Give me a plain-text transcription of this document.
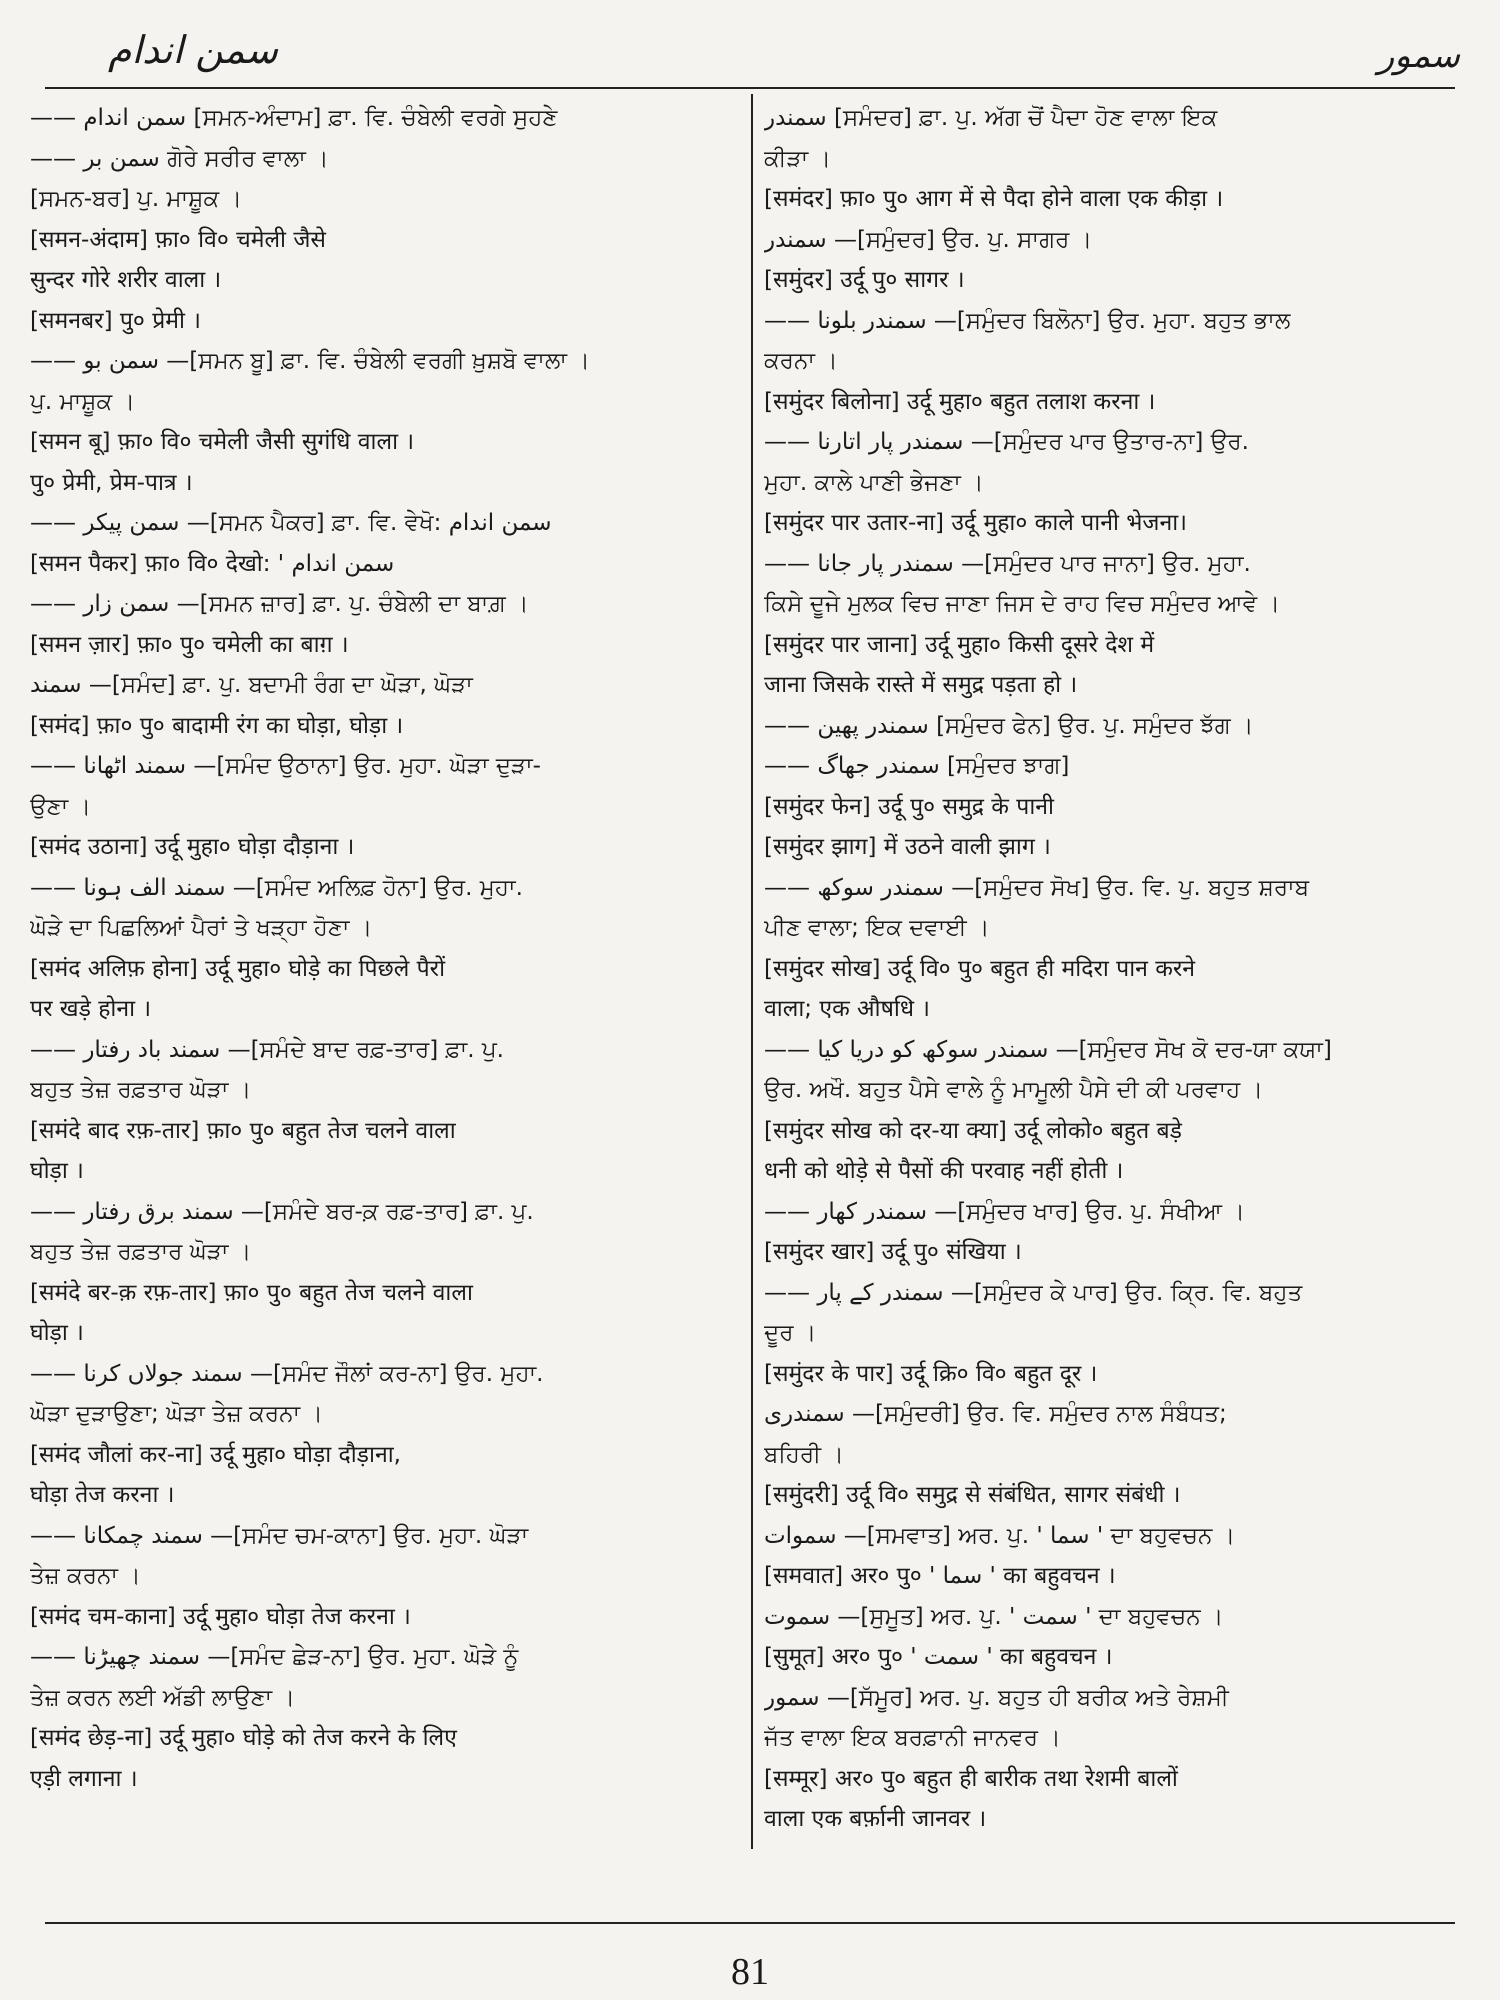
سمن اندام	سمور
—— سمن اندام [ਸਮਨ-ਅੰਦਾਮ] ਫ਼ਾ. ਵਿ. ਚੰਬੇਲੀ ਵਰਗੇ ਸੁਹਣੇ
—— سمن بر ਗੋਰੇ ਸਰੀਰ ਵਾਲਾ ।
[ਸਮਨ-ਬਰ] ਪੁ. ਮਾਸ਼ੂਕ ।
[समन-अंदाम] फ़ा० वि० चमेली जैसे
सुन्दर गोरे शरीर वाला ।
[समनबर] पु० प्रेमी ।
—— سمن بو —[ਸਮਨ ਬੂ] ਫ਼ਾ. ਵਿ. ਚੰਬੇਲੀ ਵਰਗੀ ਖ਼ੁਸ਼ਬੋ ਵਾਲਾ ।
ਪੁ. ਮਾਸ਼ੂਕ ।
[समन बू] फ़ा० वि० चमेली जैसी सुगंधि वाला ।
पु० प्रेमी, प्रेम-पात्र ।
—— سمن پیکر —[ਸਮਨ ਪੈਕਰ] ਫ਼ਾ. ਵਿ. ਵੇਖੋ: سمن اندام
[समन पैकर] फ़ा० वि० देखो: ' سمن اندام
—— سمن زار —[ਸਮਨ ਜ਼ਾਰ] ਫ਼ਾ. ਪੁ. ਚੰਬੇਲੀ ਦਾ ਬਾਗ਼ ।
[समन ज़ार] फ़ा० पु० चमेली का बाग़ ।
سمند —[ਸਮੰਦ] ਫ਼ਾ. ਪੁ. ਬਦਾਮੀ ਰੰਗ ਦਾ ਘੋੜਾ, ਘੋੜਾ
[समंद] फ़ा० पु० बादामी रंग का घोड़ा, घोड़ा ।
—— سمند اٹھانا —[ਸਮੰਦ ਉਠਾਨਾ] ਉਰ. ਮੁਹਾ. ਘੋੜਾ ਦੁੜਾ-
ਉਣਾ ।
[समंद उठाना] उर्दू मुहा० घोड़ा दौड़ाना ।
—— سمند الف ہونا —[ਸਮੰਦ ਅਲਿਫ਼ ਹੋਨਾ] ਉਰ. ਮੁਹਾ.
ਘੋੜੇ ਦਾ ਪਿਛਲਿਆਂ ਪੈਰਾਂ ਤੇ ਖੜ੍ਹਾ ਹੋਣਾ ।
[समंद अलिफ़ होना] उर्दू मुहा० घोड़े का पिछले पैरों
पर खड़े होना ।
—— سمند باد رفتار —[ਸਮੰਦੇ ਬਾਦ ਰਫ਼-ਤਾਰ] ਫ਼ਾ. ਪੁ.
ਬਹੁਤ ਤੇਜ਼ ਰਫ਼ਤਾਰ ਘੋੜਾ ।
[समंदे बाद रफ़-तार] फ़ा० पु० बहुत तेज चलने वाला
घोड़ा ।
—— سمند برق رفتار —[ਸਮੰਦੇ ਬਰ-ਕ਼ ਰਫ਼-ਤਾਰ] ਫ਼ਾ. ਪੁ.
ਬਹੁਤ ਤੇਜ਼ ਰਫ਼ਤਾਰ ਘੋੜਾ ।
[समंदे बर-क़ रफ़-तार] फ़ा० पु० बहुत तेज चलने वाला
घोड़ा ।
—— سمند جولاں کرنا —[ਸਮੰਦ ਜੌਲਾਂ ਕਰ-ਨਾ] ਉਰ. ਮੁਹਾ.
ਘੋੜਾ ਦੁੜਾਉਣਾ; ਘੋੜਾ ਤੇਜ਼ ਕਰਨਾ ।
[समंद जौलां कर-ना] उर्दू मुहा० घोड़ा दौड़ाना,
घोड़ा तेज करना ।
—— سمند چمکانا —[ਸਮੰਦ ਚਮ-ਕਾਨਾ] ਉਰ. ਮੁਹਾ. ਘੋੜਾ
ਤੇਜ਼ ਕਰਨਾ ।
[समंद चम-काना] उर्दू मुहा० घोड़ा तेज करना ।
—— سمند چھیڑنا —[ਸਮੰਦ ਛੇੜ-ਨਾ] ਉਰ. ਮੁਹਾ. ਘੋੜੇ ਨੂੰ
ਤੇਜ਼ ਕਰਨ ਲਈ ਅੱਡੀ ਲਾਉਣਾ ।
[समंद छेड़-ना] उर्दू मुहा० घोड़े को तेज करने के लिए
एड़ी लगाना ।
سمندر [ਸਮੰਦਰ] ਫ਼ਾ. ਪੁ. ਅੱਗ ਚੋਂ ਪੈਦਾ ਹੋਣ ਵਾਲਾ ਇਕ
ਕੀੜਾ ।
[समंदर] फ़ा० पु० आग में से पैदा होने वाला एक कीड़ा ।
سمندر —[ਸਮੁੰਦਰ] ਉਰ. ਪੁ. ਸਾਗਰ ।
[समुंदर] उर्दू पु० सागर ।
—— سمندر بلونا —[ਸਮੁੰਦਰ ਬਿਲੋਨਾ] ਉਰ. ਮੁਹਾ. ਬਹੁਤ ਭਾਲ
ਕਰਨਾ ।
[समुंदर बिलोना] उर्दू मुहा० बहुत तलाश करना ।
—— سمندر پار اتارنا —[ਸਮੁੰਦਰ ਪਾਰ ਉਤਾਰ-ਨਾ] ਉਰ.
ਮੁਹਾ. ਕਾਲੇ ਪਾਣੀ ਭੇਜਣਾ ।
[समुंदर पार उतार-ना] उर्दू मुहा० काले पानी भेजना।
—— سمندر پار جانا —[ਸਮੁੰਦਰ ਪਾਰ ਜਾਨਾ] ਉਰ. ਮੁਹਾ.
ਕਿਸੇ ਦੂਜੇ ਮੁਲਕ ਵਿਚ ਜਾਣਾ ਜਿਸ ਦੇ ਰਾਹ ਵਿਚ ਸਮੁੰਦਰ ਆਵੇ ।
[समुंदर पार जाना] उर्दू मुहा० किसी दूसरे देश में
जाना जिसके रास्ते में समुद्र पड़ता हो ।
—— سمندر پھین [ਸਮੁੰਦਰ ਫੇਨ] ਉਰ. ਪੁ. ਸਮੁੰਦਰ ਝੱਗ ।
—— سمندر جھاگ [ਸਮੁੰਦਰ ਝਾਗ]
[समुंदर फेन] उर्दू पु० समुद्र के पानी
[समुंदर झाग] में उठने वाली झाग ।
—— سمندر سوکھ —[ਸਮੁੰਦਰ ਸੋਖ] ਉਰ. ਵਿ. ਪੁ. ਬਹੁਤ ਸ਼ਰਾਬ
ਪੀਣ ਵਾਲਾ; ਇਕ ਦਵਾਈ ।
[समुंदर सोख] उर्दू वि० पु० बहुत ही मदिरा पान करने
वाला; एक औषधि ।
—— سمندر سوکھ کو دریا کیا —[ਸਮੁੰਦਰ ਸੋਖ ਕੋ ਦਰ-ਯਾ ਕਯਾ]
ਉਰ. ਅਖੌ. ਬਹੁਤ ਪੈਸੇ ਵਾਲੇ ਨੂੰ ਮਾਮੂਲੀ ਪੈਸੇ ਦੀ ਕੀ ਪਰਵਾਹ ।
[समुंदर सोख को दर-या क्या] उर्दू लोको० बहुत बड़े
धनी को थोड़े से पैसों की परवाह नहीं होती ।
—— سمندر کھار —[ਸਮੁੰਦਰ ਖਾਰ] ਉਰ. ਪੁ. ਸੰਖੀਆ ।
[समुंदर खार] उर्दू पु० संखिया ।
—— سمندر کے پار —[ਸਮੁੰਦਰ ਕੇ ਪਾਰ] ਉਰ. ਕ੍ਰਿ. ਵਿ. ਬਹੁਤ
ਦੂਰ ।
[समुंदर के पार] उर्दू क्रि० वि० बहुत दूर ।
سمندری —[ਸਮੁੰਦਰੀ] ਉਰ. ਵਿ. ਸਮੁੰਦਰ ਨਾਲ ਸੰਬੰਧਤ;
ਬਹਿਰੀ ।
[समुंदरी] उर्दू वि० समुद्र से संबंधित, सागर संबंधी ।
سموات —[ਸਮਵਾਤ] ਅਰ. ਪੁ. ' سما ' ਦਾ ਬਹੁਵਚਨ ।
[समवात] अर० पु० ' سما ' का बहुवचन ।
سموت —[ਸੁਮੂਤ] ਅਰ. ਪੁ. ' سمت ' ਦਾ ਬਹੁਵਚਨ ।
[सुमूत] अर० पु० ' سمت ' का बहुवचन ।
سمور —[ਸੱਮੂਰ] ਅਰ. ਪੁ. ਬਹੁਤ ਹੀ ਬਰੀਕ ਅਤੇ ਰੇਸ਼ਮੀ
ਜੱਤ ਵਾਲਾ ਇਕ ਬਰਫ਼ਾਨੀ ਜਾਨਵਰ ।
[सम्मूर] अर० पु० बहुत ही बारीक तथा रेशमी बालों
वाला एक बर्फ़ानी जानवर ।
81
